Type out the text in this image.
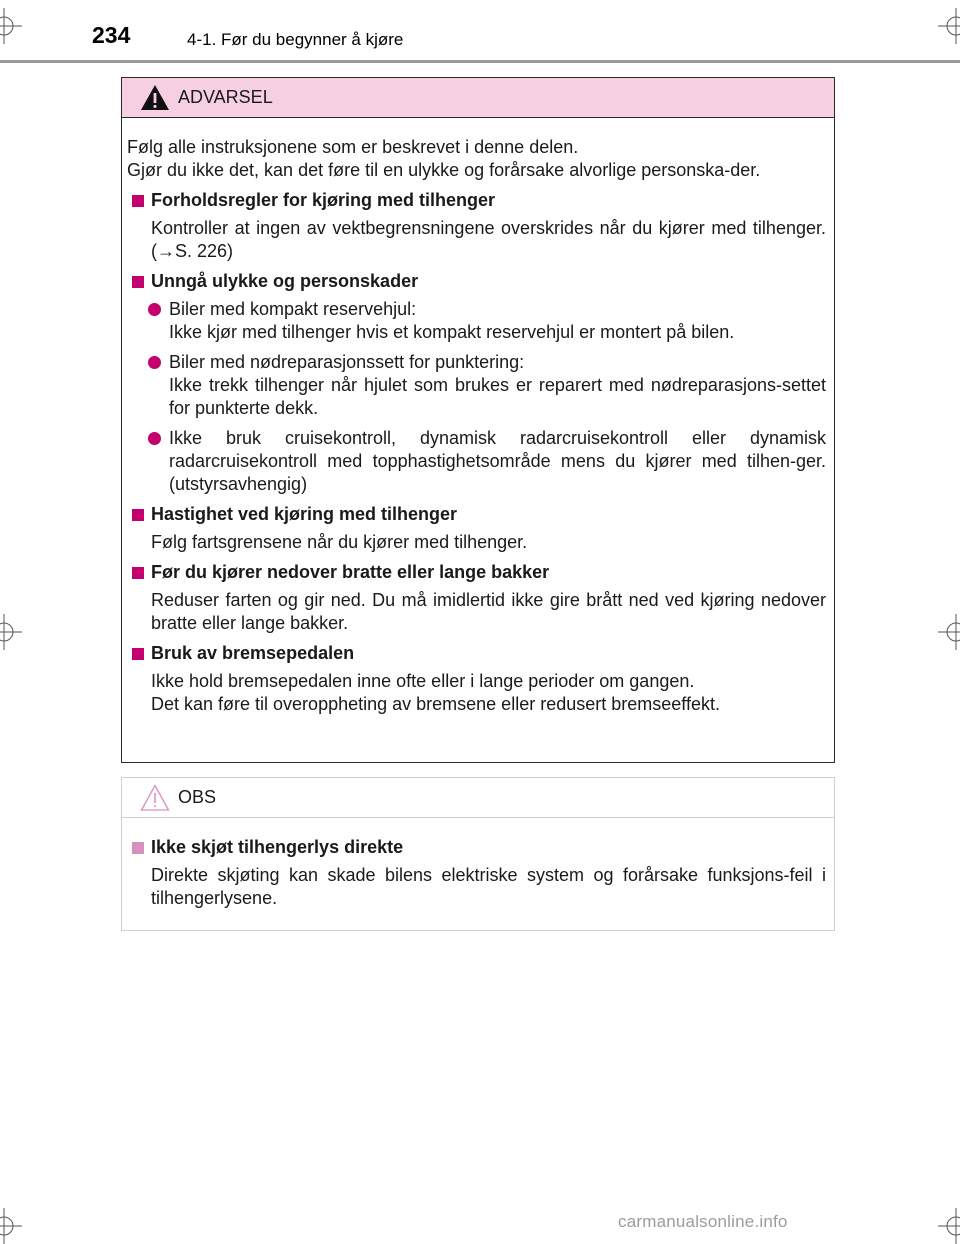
234	4-1. Før du begynner å kjøre
ADVARSEL
Følg alle instruksjonene som er beskrevet i denne delen.
Gjør du ikke det, kan det føre til en ulykke og forårsake alvorlige personska-der.
Forholdsregler for kjøring med tilhenger
Kontroller at ingen av vektbegrensningene overskrides når du kjører med tilhenger. (→S. 226)
Unngå ulykke og personskader
Biler med kompakt reservehjul:
Ikke kjør med tilhenger hvis et kompakt reservehjul er montert på bilen.
Biler med nødreparasjonssett for punktering:
Ikke trekk tilhenger når hjulet som brukes er reparert med nødreparasjons-settet for punkterte dekk.
Ikke bruk cruisekontroll, dynamisk radarcruisekontroll eller dynamisk radarcruisekontroll med topphastighetsområde mens du kjører med tilhen-ger. (utstyrsavhengig)
Hastighet ved kjøring med tilhenger
Følg fartsgrensene når du kjører med tilhenger.
Før du kjører nedover bratte eller lange bakker
Reduser farten og gir ned. Du må imidlertid ikke gire brått ned ved kjøring nedover bratte eller lange bakker.
Bruk av bremsepedalen
Ikke hold bremsepedalen inne ofte eller i lange perioder om gangen.
Det kan føre til overoppheting av bremsene eller redusert bremseeffekt.
OBS
Ikke skjøt tilhengerlys direkte
Direkte skjøting kan skade bilens elektriske system og forårsake funksjons-feil i tilhengerlysene.
carmanualsonline.info
